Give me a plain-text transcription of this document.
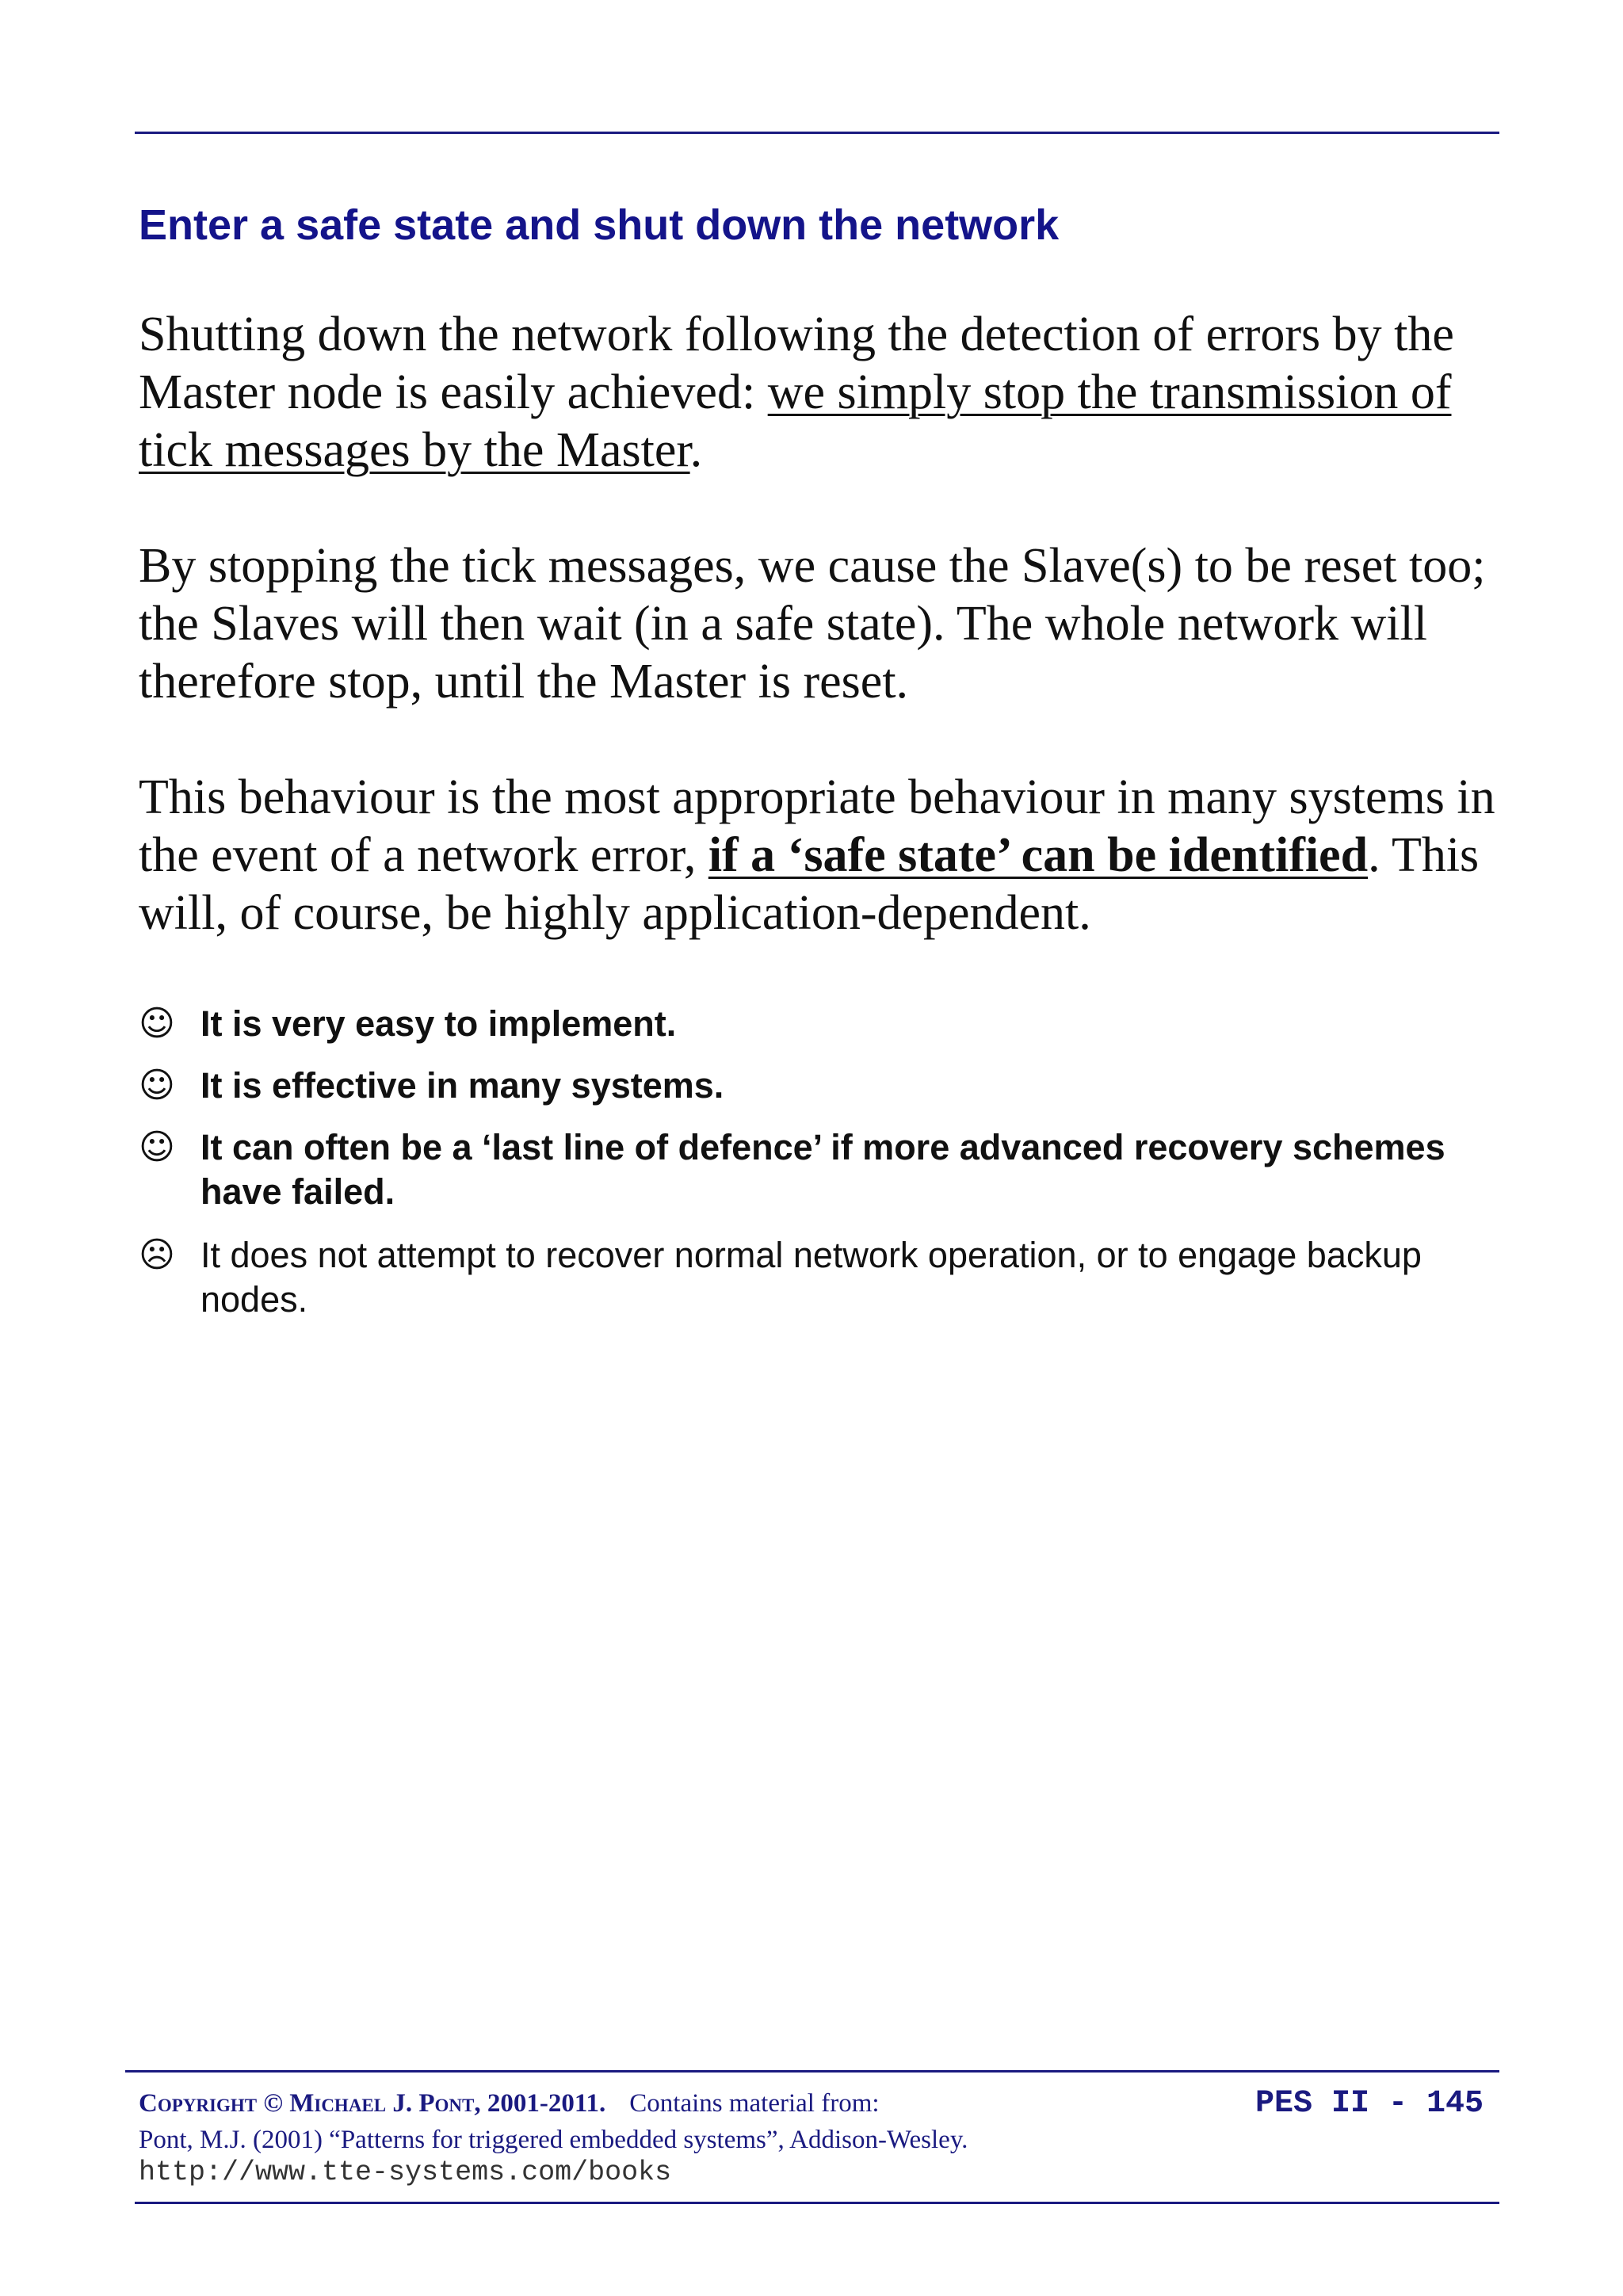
Enter a safe state and shut down the network

Shutting down the network following the detection of errors by the Master node is easily achieved: we simply stop the transmission of tick messages by the Master.

By stopping the tick messages, we cause the Slave(s) to be reset too; the Slaves will then wait (in a safe state). The whole network will therefore stop, until the Master is reset.

This behaviour is the most appropriate behaviour in many systems in the event of a network error, if a ‘safe state’ can be identified. This will, of course, be highly application-dependent.

☺ It is very easy to implement.
☺ It is effective in many systems.
☺ It can often be a ‘last line of defence’ if more advanced recovery schemes have failed.
☹ It does not attempt to recover normal network operation, or to engage backup nodes.

Copyright © Michael J. Pont, 2001-2011. Contains material from:

Pont, M.J. (2001) “Patterns for triggered embedded systems”, Addison-Wesley.

http://www.tte-systems.com/books

PES II - 145
